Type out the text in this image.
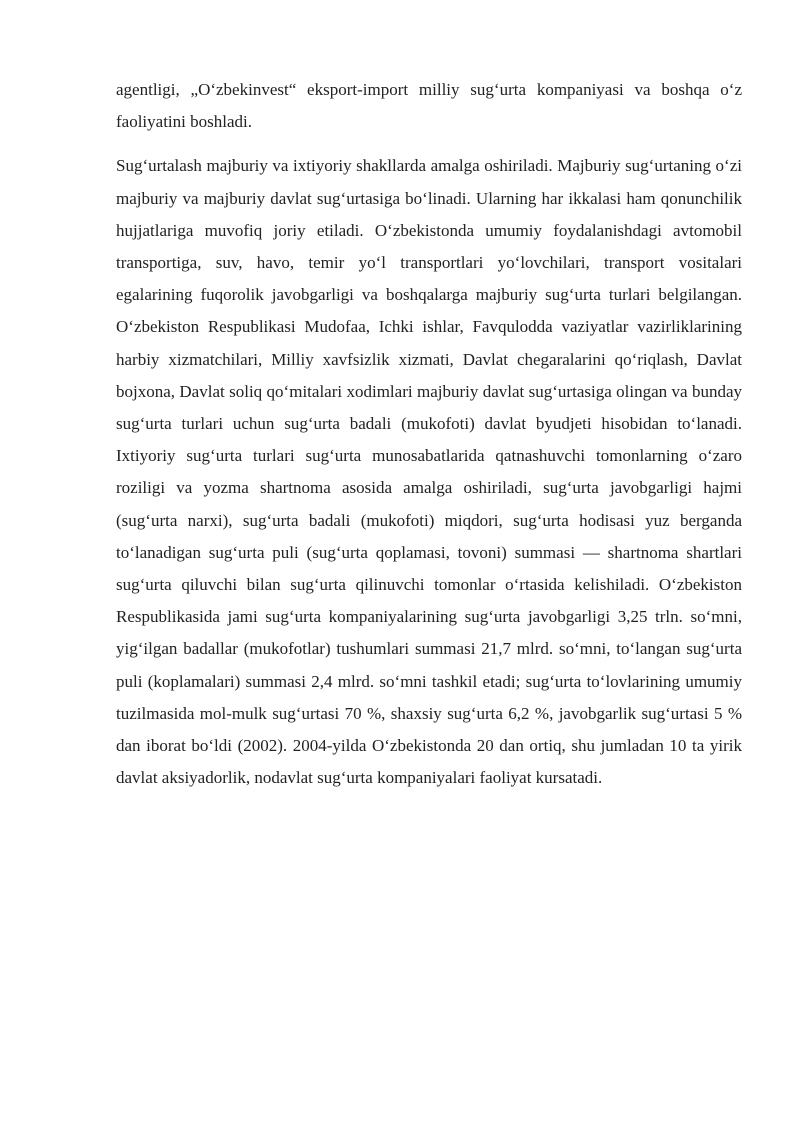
agentligi, „O‘zbekinvest“ eksport-import milliy sug‘urta kompaniyasi va boshqa o‘z faoliyatini boshladi.

Sug‘urtalash majburiy va ixtiyoriy shakllarda amalga oshiriladi. Majburiy sug‘urtaning o‘zi majburiy va majburiy davlat sug‘urtasiga bo‘linadi. Ularning har ikkalasi ham qonunchilik hujjatlariga muvofiq joriy etiladi. O‘zbekistonda umumiy foydalanishdagi avtomobil transportiga, suv, havo, temir yo‘l transportlari yo‘lovchilari, transport vositalari egalarining fuqorolik javobgarligi va boshqalarga majburiy sug‘urta turlari belgilangan. O‘zbekiston Respublikasi Mudofaa, Ichki ishlar, Favqulodda vaziyatlar vazirliklarining harbiy xizmatchilari, Milliy xavfsizlik xizmati, Davlat chegaralarini qo‘riqlash, Davlat bojxona, Davlat soliq qo‘mitalari xodimlari majburiy davlat sug‘urtasiga olingan va bunday sug‘urta turlari uchun sug‘urta badali (mukofoti) davlat byudjeti hisobidan to‘lanadi. Ixtiyoriy sug‘urta turlari sug‘urta munosabatlarida qatnashuvchi tomonlarning o‘zaro roziligi va yozma shartnoma asosida amalga oshiriladi, sug‘urta javobgarligi hajmi (sug‘urta narxi), sug‘urta badali (mukofoti) miqdori, sug‘urta hodisasi yuz berganda to‘lanadigan sug‘urta puli (sug‘urta qoplamasi, tovoni) summasi — shartnoma shartlari sug‘urta qiluvchi bilan sug‘urta qilinuvchi tomonlar o‘rtasida kelishiladi. O‘zbekiston Respublikasida jami sug‘urta kompaniyalarining sug‘urta javobgarligi 3,25 trln. so‘mni, yig‘ilgan badallar (mukofotlar) tushumlari summasi 21,7 mlrd. so‘mni, to‘langan sug‘urta puli (koplamalari) summasi 2,4 mlrd. so‘mni tashkil etadi; sug‘urta to‘lovlarining umumiy tuzilmasida mol-mulk sug‘urtasi 70 %, shaxsiy sug‘urta 6,2 %, javobgarlik sug‘urtasi 5 % dan iborat bo‘ldi (2002). 2004-yilda O‘zbekistonda 20 dan ortiq, shu jumladan 10 ta yirik davlat aksiyadorlik, nodavlat sug‘urta kompaniyalari faoliyat kursatadi.
